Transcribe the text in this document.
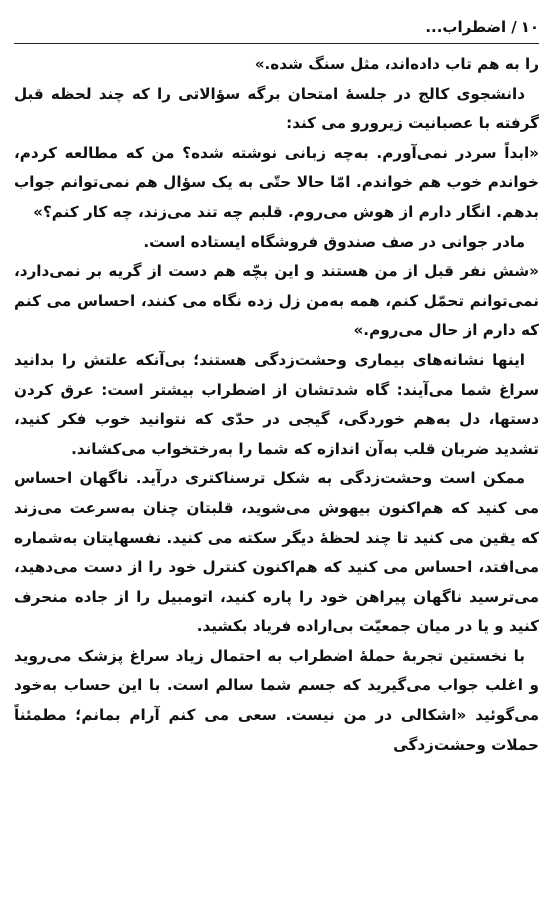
۱۰
/
اضطراب...

را به هم تاب داده‌اند، مثل سنگ شده.»

دانشجوی کالج در جلسهٔ امتحان برگه سؤالاتی را که چند لحظه قبل گرفته با عصبانیت زیرورو می کند:

«ابداً سردر نمی‌آورم. به‌چه زبانی نوشته شده؟ من که مطالعه کردم، خواندم خوب هم خواندم. امّا حالا حتّی به یک سؤال هم نمی‌توانم جواب بدهم. انگار دارم از هوش می‌روم. قلبم چه تند می‌زند، چه کار کنم؟»

مادر جوانی در صف صندوق فروشگاه ایستاده است.

«شش نفر قبل از من هستند و این بچّه هم دست از گریه بر نمی‌دارد، نمی‌توانم تحمّل کنم، همه به‌من زل زده نگاه می کنند، احساس می کنم که دارم از حال می‌روم.»

اینها نشانه‌های بیماری وحشت‌زدگی هستند؛ بی‌آنکه علتش را بدانید سراغ شما می‌آیند: گاه شدتشان از اضطراب بیشتر است: عرق کردن دستها، دل به‌هم خوردگی، گیجی در حدّی که نتوانید خوب فکر کنید، تشدید ضربان قلب به‌آن اندازه که شما را به‌رختخواب می‌کشاند.

ممکن است وحشت‌زدگی به شکل ترسناکتری درآید. ناگهان احساس می کنید که هم‌اکنون بیهوش می‌شوید، قلبتان چنان به‌سرعت می‌زند که یقین می کنید تا چند لحظهٔ دیگر سکته می کنید. نفسهایتان به‌شماره می‌افتد، احساس می کنید که هم‌اکنون کنترل خود را از دست می‌دهید، می‌ترسید ناگهان پیراهن خود را پاره کنید، اتومبیل را از جاده منحرف کنید و یا در میان جمعیّت بی‌اراده فریاد بکشید.

با نخستین تجربهٔ حملهٔ اضطراب به احتمال زیاد سراغ پزشک می‌روید و اغلب جواب می‌گیرید که جسم شما سالم است. با این حساب به‌خود می‌گوئید «اشکالی در من نیست. سعی می کنم آرام بمانم؛ مطمئناً حملات وحشت‌زدگی
